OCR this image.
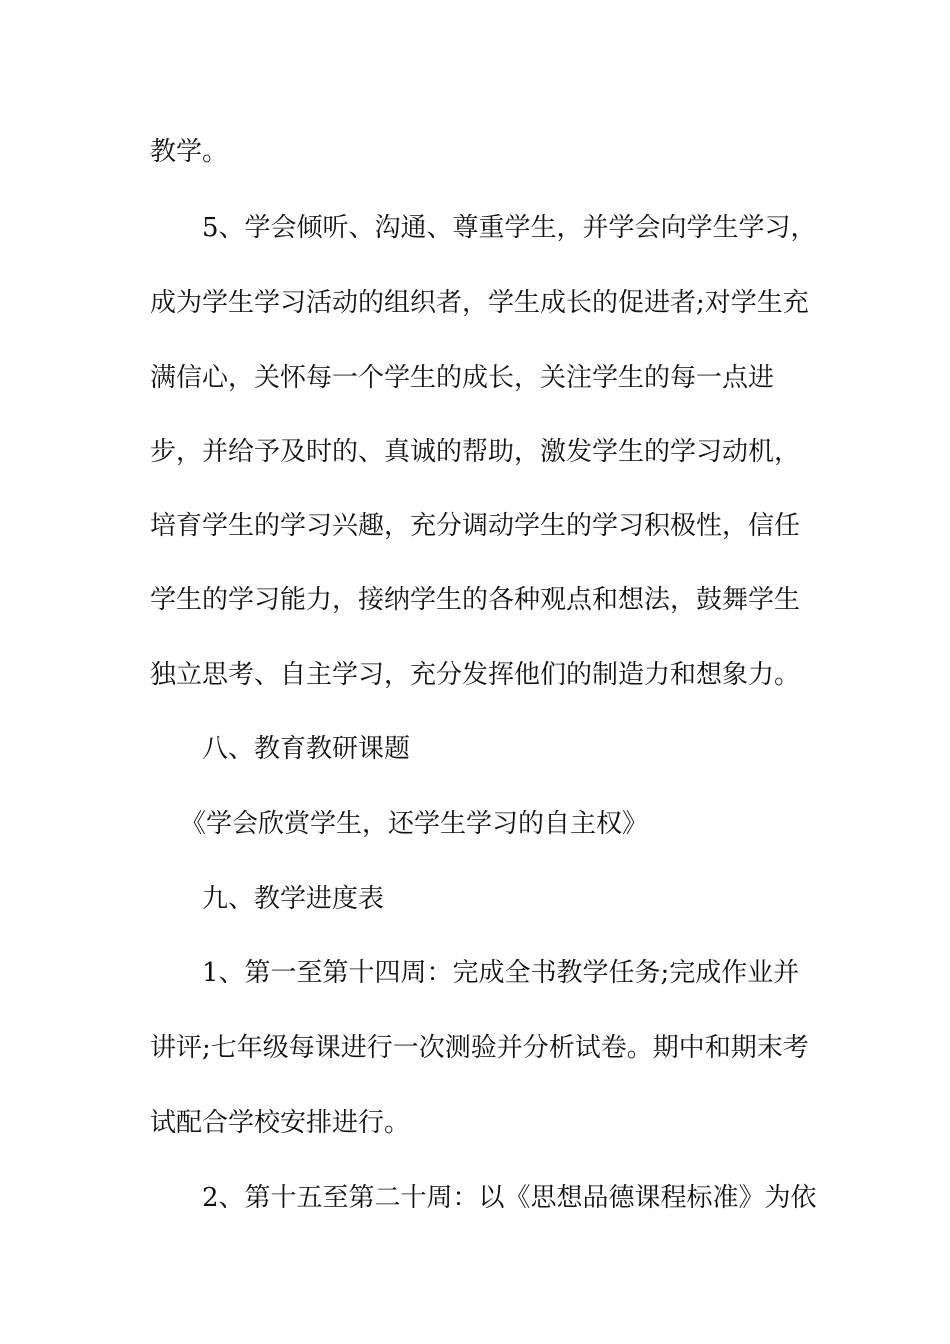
教学。
5、学会倾听、沟通、尊重学生，并学会向学生学习，
成为学生学习活动的组织者，学生成长的促进者;对学生充
满信心，关怀每一个学生的成长，关注学生的每一点进
步，并给予及时的、真诚的帮助，激发学生的学习动机，
培育学生的学习兴趣，充分调动学生的学习积极性，信任
学生的学习能力，接纳学生的各种观点和想法，鼓舞学生
独立思考、自主学习，充分发挥他们的制造力和想象力。
八、教育教研课题
《学会欣赏学生，还学生学习的自主权》
九、教学进度表
1、第一至第十四周：完成全书教学任务;完成作业并
讲评;七年级每课进行一次测验并分析试卷。期中和期末考
试配合学校安排进行。
2、第十五至第二十周：以《思想品德课程标准》为依
